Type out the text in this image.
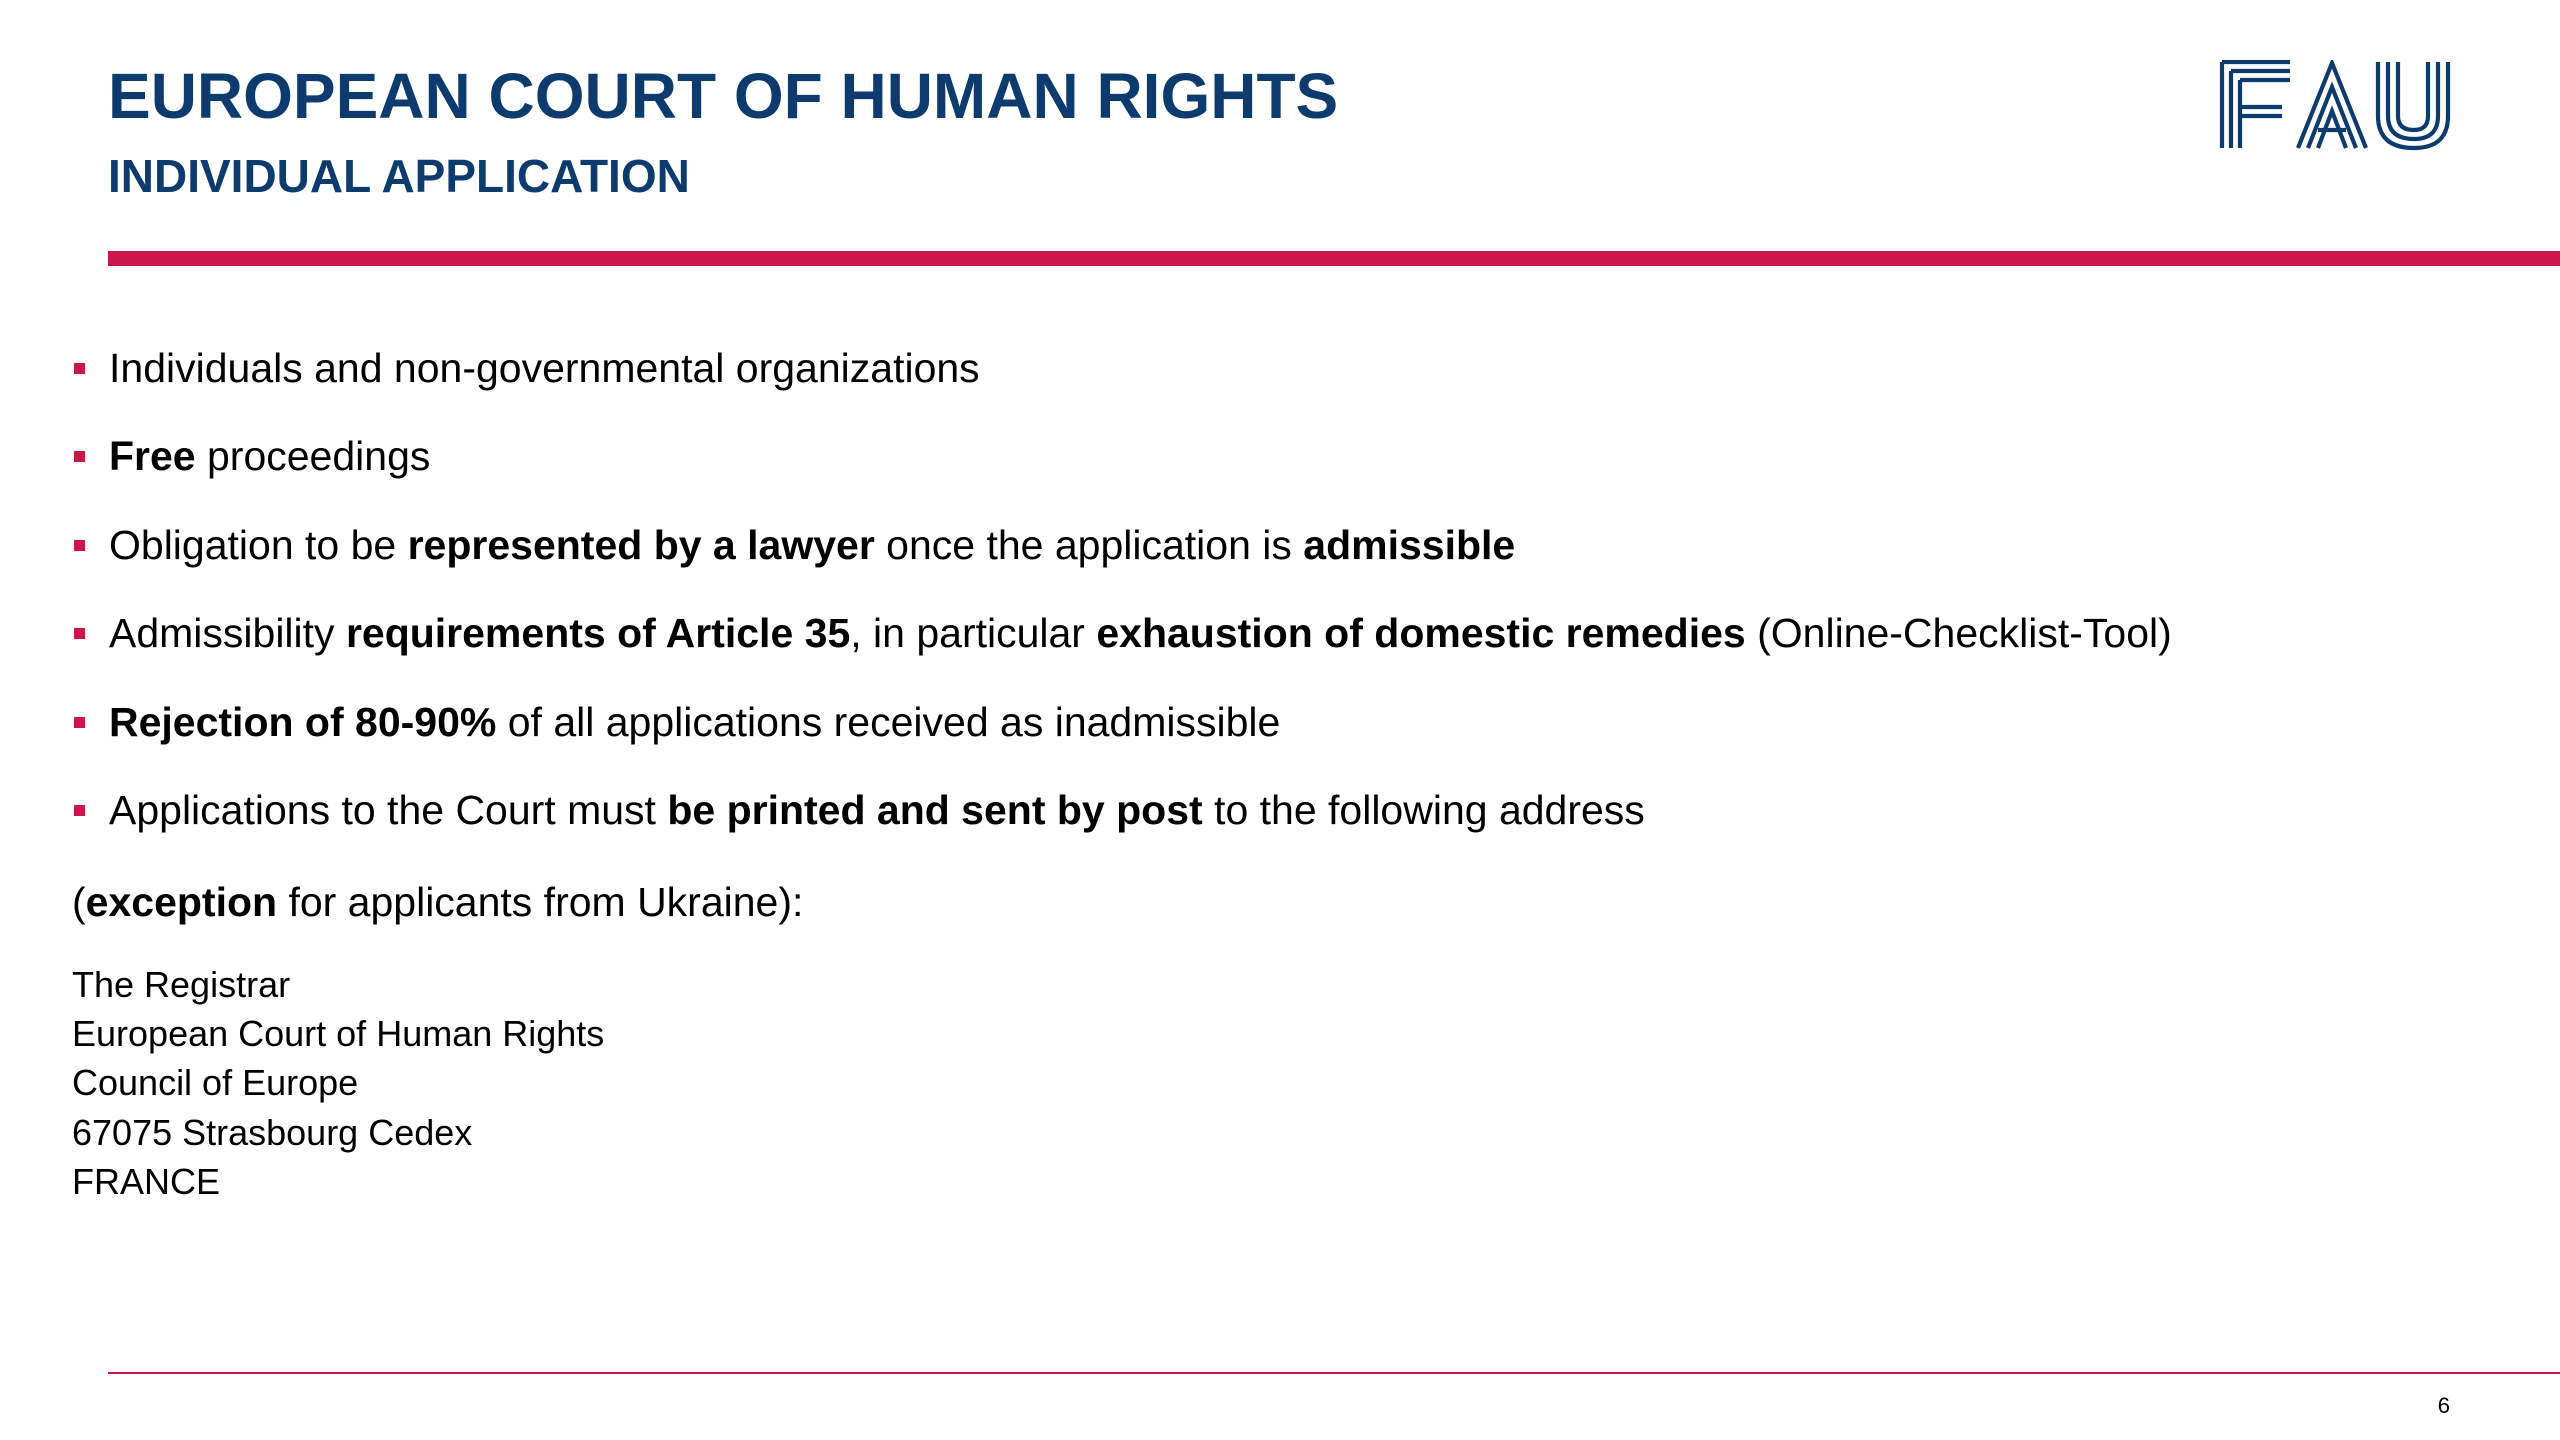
EUROPEAN COURT OF HUMAN RIGHTS
INDIVIDUAL APPLICATION
Individuals and non-governmental organizations
Free proceedings
Obligation to be represented by a lawyer once the application is admissible
Admissibility requirements of Article 35, in particular exhaustion of domestic remedies (Online-Checklist-Tool)
Rejection of 80-90% of all applications received as inadmissible
Applications to the Court must be printed and sent by post to the following address
(exception for applicants from Ukraine):
The Registrar
European Court of Human Rights
Council of Europe
67075 Strasbourg Cedex
FRANCE
6
